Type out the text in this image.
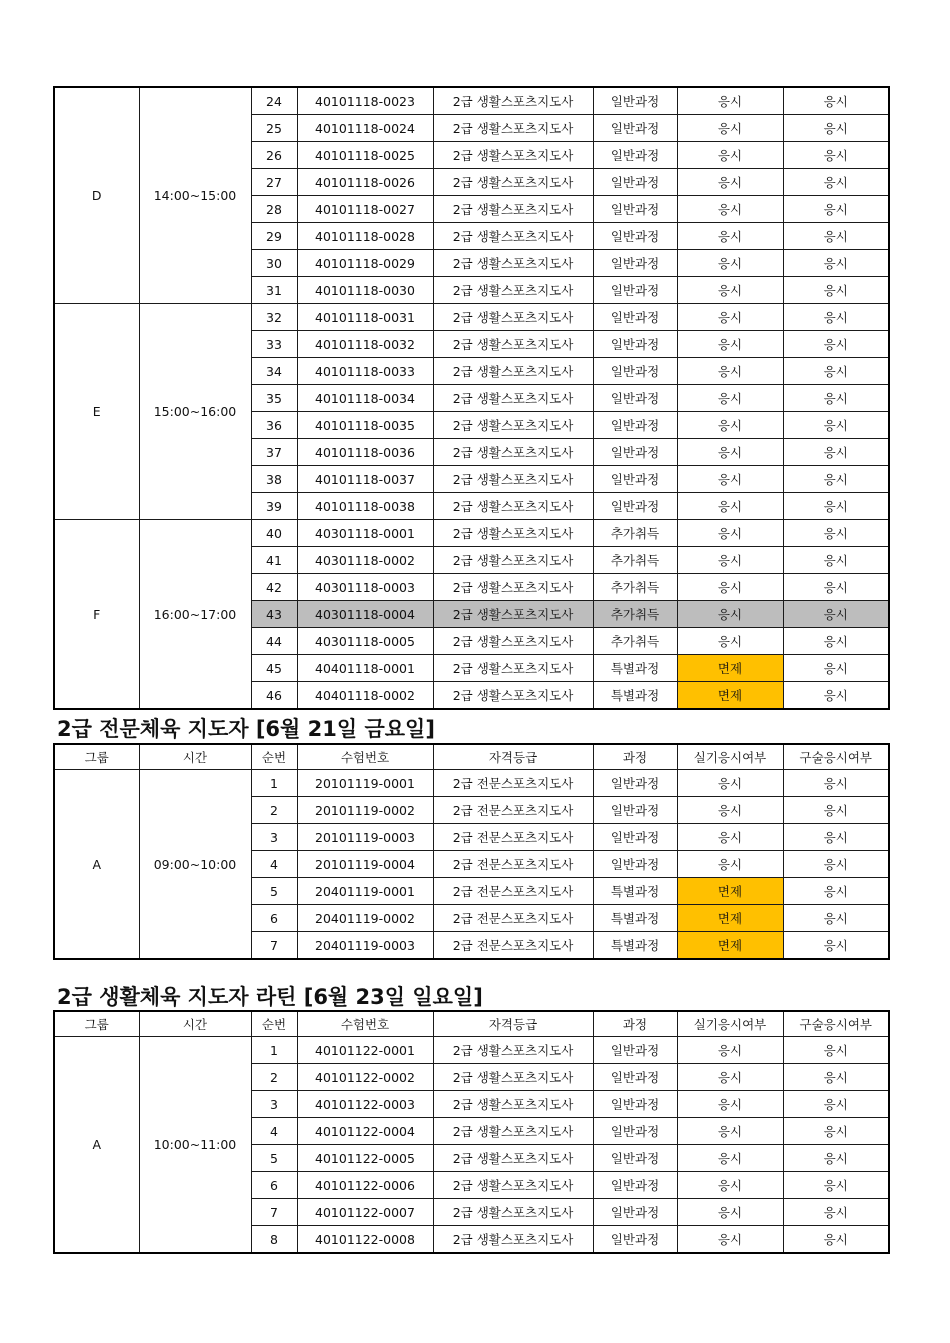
D	14:00~15:00	24	40101118-0023	2급 생활스포츠지도사	일반과정	응시	응시
		25	40101118-0024	2급 생활스포츠지도사	일반과정	응시	응시
		26	40101118-0025	2급 생활스포츠지도사	일반과정	응시	응시
		27	40101118-0026	2급 생활스포츠지도사	일반과정	응시	응시
		28	40101118-0027	2급 생활스포츠지도사	일반과정	응시	응시
		29	40101118-0028	2급 생활스포츠지도사	일반과정	응시	응시
		30	40101118-0029	2급 생활스포츠지도사	일반과정	응시	응시
		31	40101118-0030	2급 생활스포츠지도사	일반과정	응시	응시
E	15:00~16:00	32	40101118-0031	2급 생활스포츠지도사	일반과정	응시	응시
		33	40101118-0032	2급 생활스포츠지도사	일반과정	응시	응시
		34	40101118-0033	2급 생활스포츠지도사	일반과정	응시	응시
		35	40101118-0034	2급 생활스포츠지도사	일반과정	응시	응시
		36	40101118-0035	2급 생활스포츠지도사	일반과정	응시	응시
		37	40101118-0036	2급 생활스포츠지도사	일반과정	응시	응시
		38	40101118-0037	2급 생활스포츠지도사	일반과정	응시	응시
		39	40101118-0038	2급 생활스포츠지도사	일반과정	응시	응시
F	16:00~17:00	40	40301118-0001	2급 생활스포츠지도사	추가취득	응시	응시
		41	40301118-0002	2급 생활스포츠지도사	추가취득	응시	응시
		42	40301118-0003	2급 생활스포츠지도사	추가취득	응시	응시
		43	40301118-0004	2급 생활스포츠지도사	추가취득	응시	응시
		44	40301118-0005	2급 생활스포츠지도사	추가취득	응시	응시
		45	40401118-0001	2급 생활스포츠지도사	특별과정	면제	응시
		46	40401118-0002	2급 생활스포츠지도사	특별과정	면제	응시
2급 전문체육 지도자 [6월 21일 금요일]
그룹	시간	순번	수험번호	자격등급	과정	실기응시여부	구술응시여부
A	09:00~10:00	1	20101119-0001	2급 전문스포츠지도사	일반과정	응시	응시
		2	20101119-0002	2급 전문스포츠지도사	일반과정	응시	응시
		3	20101119-0003	2급 전문스포츠지도사	일반과정	응시	응시
		4	20101119-0004	2급 전문스포츠지도사	일반과정	응시	응시
		5	20401119-0001	2급 전문스포츠지도사	특별과정	면제	응시
		6	20401119-0002	2급 전문스포츠지도사	특별과정	면제	응시
		7	20401119-0003	2급 전문스포츠지도사	특별과정	면제	응시
2급 생활체육 지도자 라틴 [6월 23일 일요일]
그룹	시간	순번	수험번호	자격등급	과정	실기응시여부	구술응시여부
A	10:00~11:00	1	40101122-0001	2급 생활스포츠지도사	일반과정	응시	응시
		2	40101122-0002	2급 생활스포츠지도사	일반과정	응시	응시
		3	40101122-0003	2급 생활스포츠지도사	일반과정	응시	응시
		4	40101122-0004	2급 생활스포츠지도사	일반과정	응시	응시
		5	40101122-0005	2급 생활스포츠지도사	일반과정	응시	응시
		6	40101122-0006	2급 생활스포츠지도사	일반과정	응시	응시
		7	40101122-0007	2급 생활스포츠지도사	일반과정	응시	응시
		8	40101122-0008	2급 생활스포츠지도사	일반과정	응시	응시
